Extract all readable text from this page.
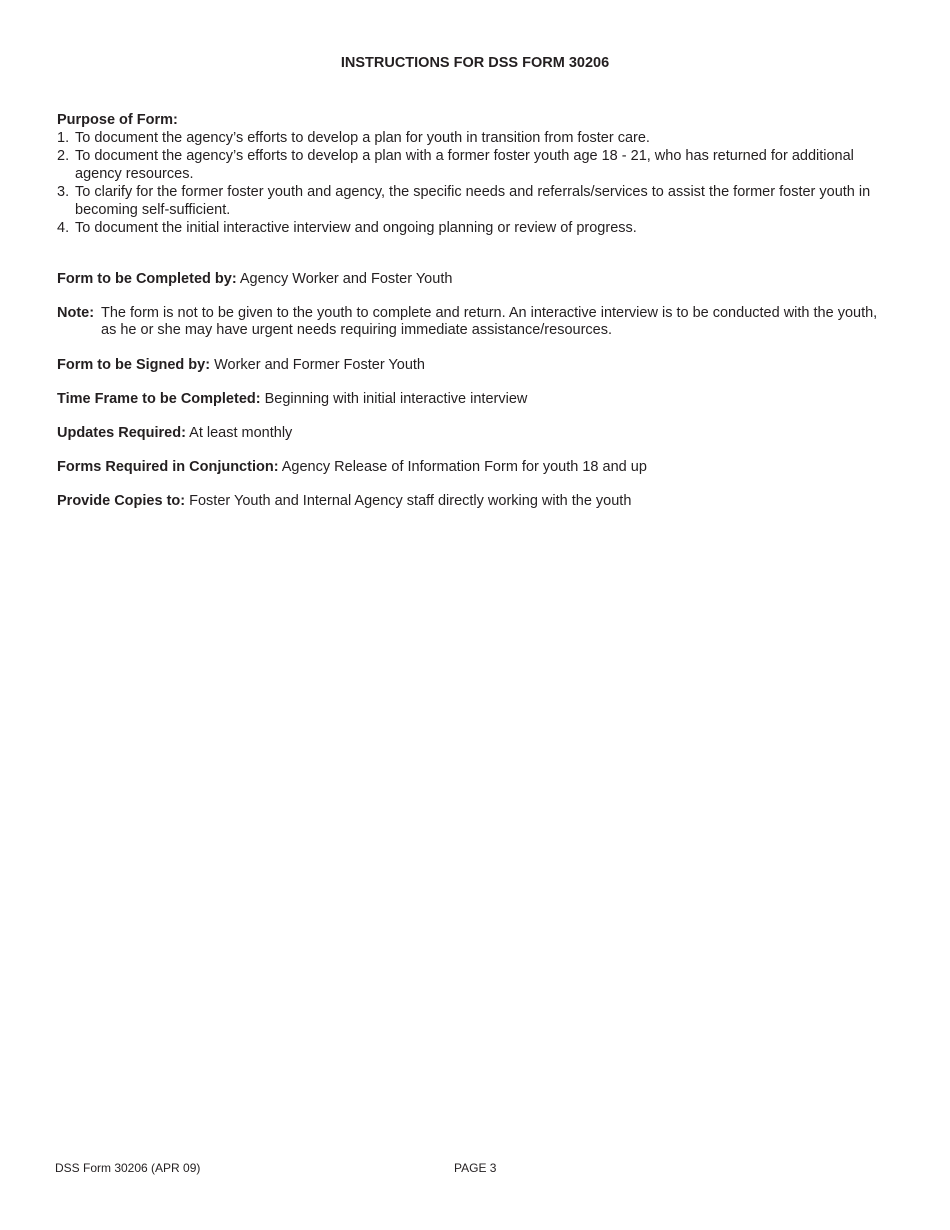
INSTRUCTIONS FOR DSS FORM 30206

Purpose of Form:

1. To document the agency’s efforts to develop a plan for youth in transition from foster care.
2. To document the agency’s efforts to develop a plan with a former foster youth age 18 - 21, who has returned for additional agency resources.
3. To clarify for the former foster youth and agency, the specific needs and referrals/services to assist the former foster youth in becoming self-sufficient.
4. To document the initial interactive interview and ongoing planning or review of progress.
Form to be Completed by: Agency Worker and Foster Youth
Note: The form is not to be given to the youth to complete and return. An interactive interview is to be conducted with the youth, as he or she may have urgent needs requiring immediate assistance/resources.
Form to be Signed by: Worker and Former Foster Youth
Time Frame to be Completed: Beginning with initial interactive interview
Updates Required: At least monthly
Forms Required in Conjunction: Agency Release of Information Form for youth 18 and up
Provide Copies to: Foster Youth and Internal Agency staff directly working with the youth
DSS Form 30206 (APR 09)	PAGE 3
